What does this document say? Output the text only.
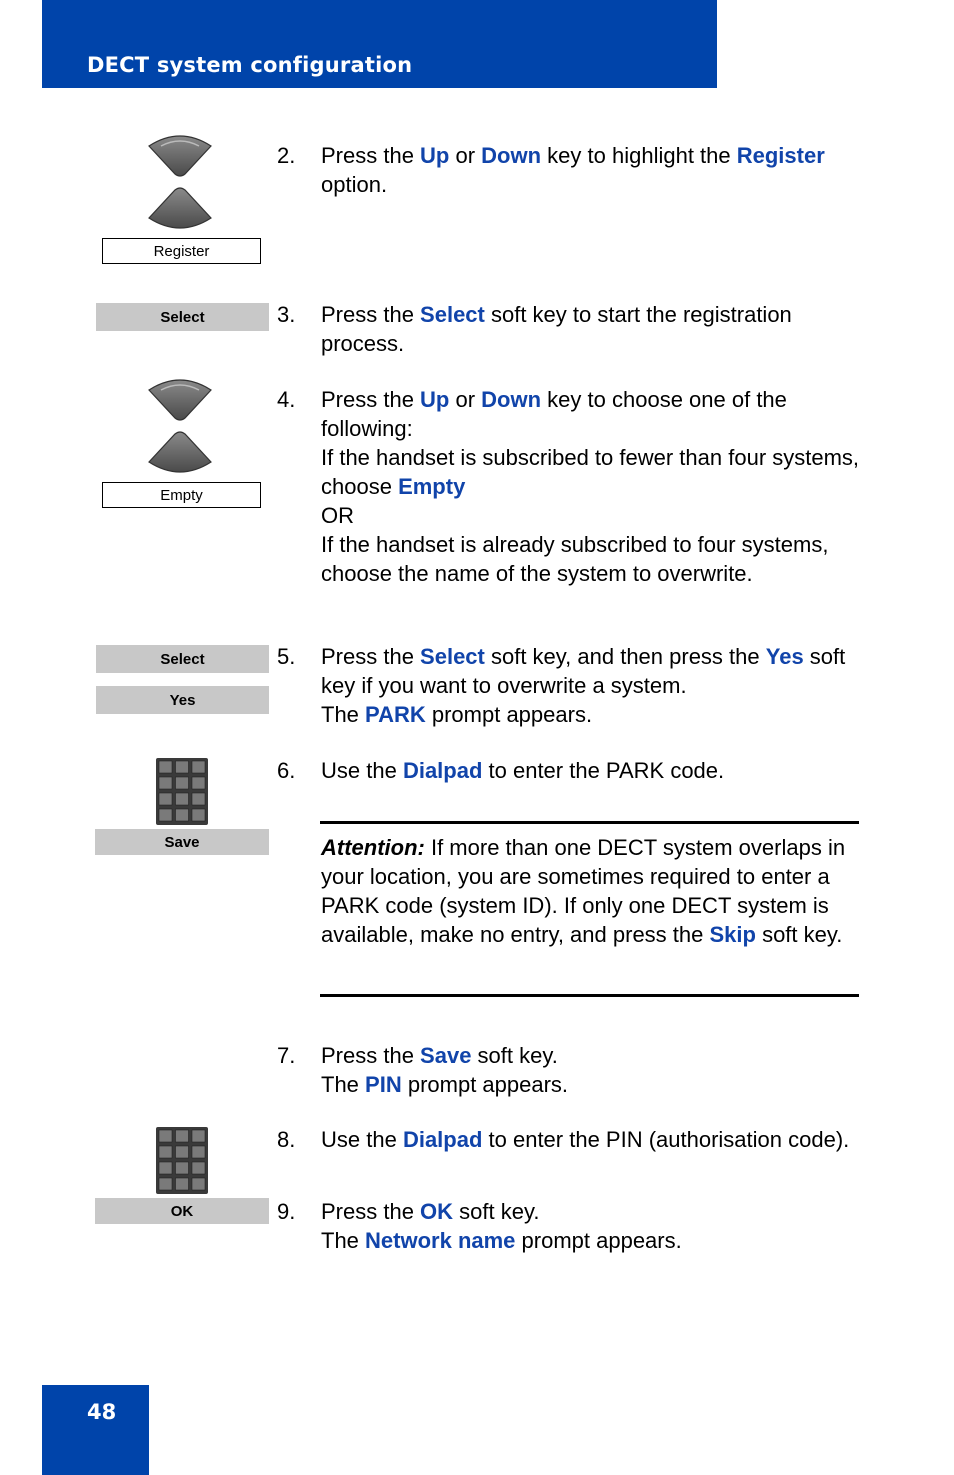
DECT system configuration
Register
2. Press the Up or Down key to highlight the Register option.
Select	3. Press the Select soft key to start the registration process.
Empty
4. Press the Up or Down key to choose one of the following:
If the handset is subscribed to fewer than four systems, choose Empty
OR
If the handset is already subscribed to four systems, choose the name of the system to overwrite.
Select
Yes
5. Press the Select soft key, and then press the Yes soft key if you want to overwrite a system.
The PARK prompt appears.
Save
6. Use the Dialpad to enter the PARK code.
Attention: If more than one DECT system overlaps in your location, you are sometimes required to enter a PARK code (system ID). If only one DECT system is available, make no entry, and press the Skip soft key.
7. Press the Save soft key.
The PIN prompt appears.
8. Use the Dialpad to enter the PIN (authorisation code).
OK	9. Press the OK soft key.
The Network name prompt appears.
48
